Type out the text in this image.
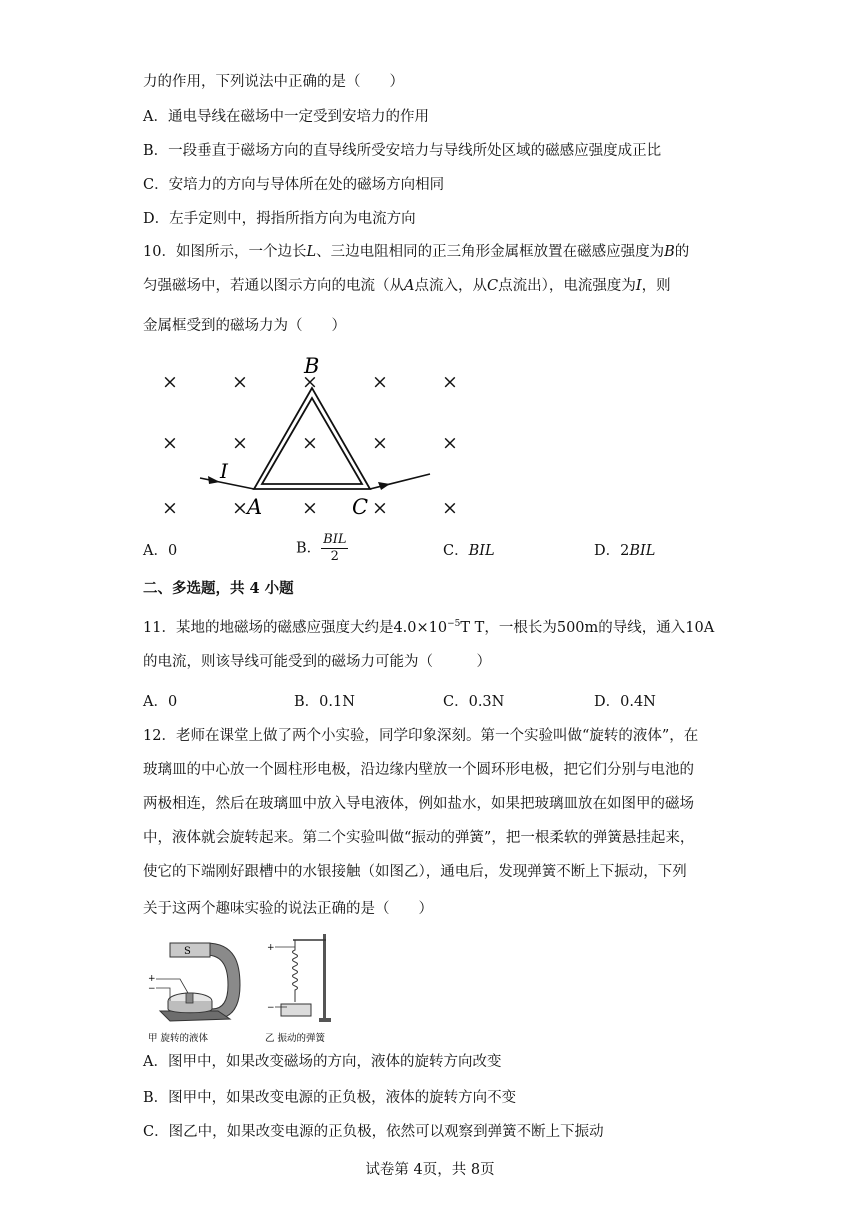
力的作用，下列说法中正确的是（　　）
A．通电导线在磁场中一定受到安培力的作用
B．一段垂直于磁场方向的直导线所受安培力与导线所处区域的磁感应强度成正比
C．安培力的方向与导体所在处的磁场方向相同
D．左手定则中，拇指所指方向为电流方向
10．如图所示，一个边长L、三边电阻相同的正三角形金属框放置在磁感应强度为B的
匀强磁场中，若通以图示方向的电流（从A点流入，从C点流出），电流强度为I，则
金属框受到的磁场力为（　　）
×	×	×	×	×
×	×	×	×	×
×	×	×	×	×
B
I
A	C
A．0	B． $\frac{\text{BIL}}{2}$	C．BIL	D．2BIL
二、多选题，共 4 小题
11．某地的地磁场的磁感应强度大约是$4.0\times 10^{-5}T$ T，一根长为500m的导线，通入10A
的电流，则该导线可能受到的磁场力可能为（　　　）
A．0	B．0.1N	C．0.3N	D．0.4N
12．老师在课堂上做了两个小实验，同学印象深刻。第一个实验叫做“旋转的液体”，在
玻璃皿的中心放一个圆柱形电极，沿边缘内壁放一个圆环形电极，把它们分别与电池的
两极相连，然后在玻璃皿中放入导电液体，例如盐水，如果把玻璃皿放在如图甲的磁场
中，液体就会旋转起来。第二个实验叫做“振动的弹簧”，把一根柔软的弹簧悬挂起来，
使它的下端刚好跟槽中的水银接触（如图乙），通电后，发现弹簧不断上下振动，下列
关于这两个趣味实验的说法正确的是（　　）
S
+
−
甲 旋转的液体
+
−
乙 振动的弹簧
A．图甲中，如果改变磁场的方向，液体的旋转方向改变
B．图甲中，如果改变电源的正负极，液体的旋转方向不变
C．图乙中，如果改变电源的正负极，依然可以观察到弹簧不断上下振动
试卷第 4页，共 8页
